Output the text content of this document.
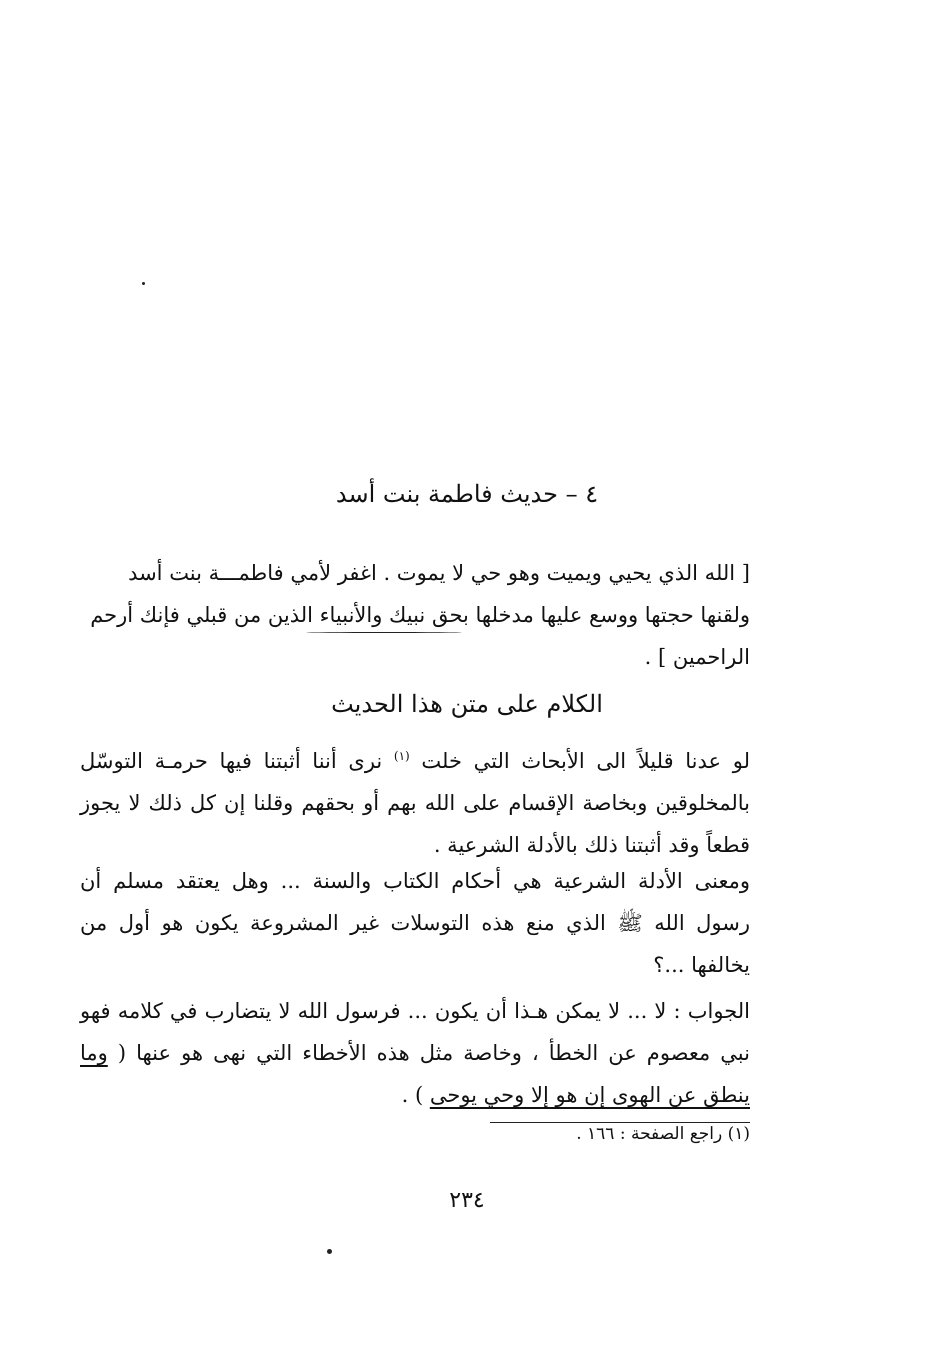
٤ – حديث فاطمة بنت أسد
[ الله الذي يحيي ويميت وهو حي لا يموت . اغفر لأمي فاطمـــة بنت أسد
ولقنها حجتها ووسع عليها مدخلها بحق نبيك والأنبياء الذين من قبلي فإنك أرحم
الراحمين ] .
الكلام على متن هذا الحديث
لو عدنا قليلاً الى الأبحاث التي خلت $^{(١)}$ نرى أننا أثبتنا فيها حرمـة التوسّل بالمخلوقين وبخاصة الإقسام على الله بهم أو بحقهم وقلنا إن كل ذلك لا يجوز قطعاً وقد أثبتنا ذلك بالأدلة الشرعية .
ومعنى الأدلة الشرعية هي أحكام الكتاب والسنة ... وهل يعتقد مسلم أن رسول الله ﷺ الذي منع هذه التوسلات غير المشروعة يكون هو أول من يخالفها ...؟
الجواب : لا ... لا يمكن هـذا أن يكون ... فرسول الله لا يتضارب في كلامه فهو نبي معصوم عن الخطأ ، وخاصة مثل هذه الأخطاء التي نهى هو عنها ( وما ينطق عن الهوى إن هو إلا وحي يوحى ) .
(١) راجع الصفحة : ١٦٦ .
٢٣٤
